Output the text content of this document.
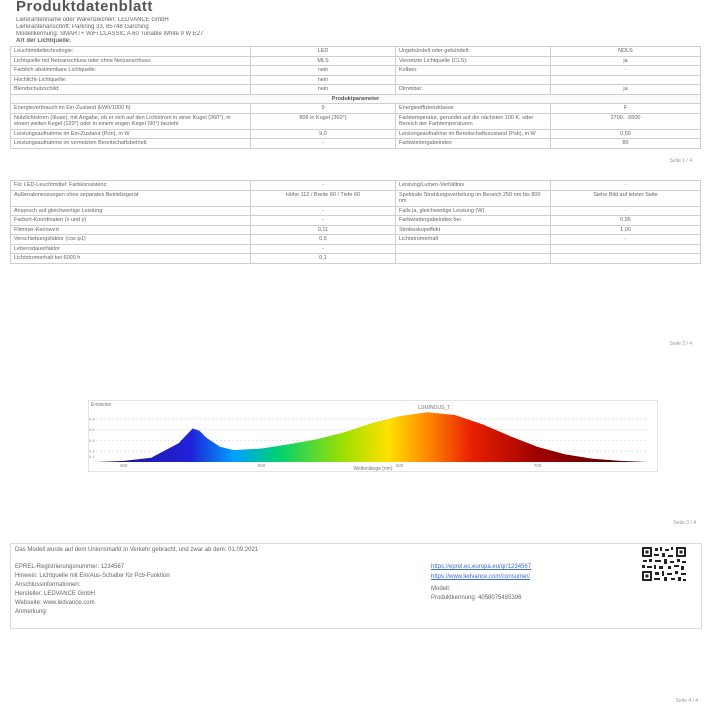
Produktdatenblatt
Lieferantenname oder Warenzeichen: LEDVANCE GmbH
Lieferantenanschrift: Parkring 33, 85748 Garching
Modellkennung: SMART+ WiFi CLASSIC A 60 Tunable White 9 W E27
Art der Lichtquelle:
Leuchtmitteltechnologie:	LED	Ungebündelt oder gebündelt:	NDLS
Lichtquelle mit Netzanschluss oder ohne Netzanschluss:	MLS	Vernetzte Lichtquelle (CLS):	ja
Farblich abstimmbare Lichtquelle:	nein	Kolben:	-
Hochlicht-Lichtquelle:	nein		
Blendschutzschild:	nein	Dimmbar:	ja
Produktparameter			
Energieverbrauch im Ein-Zustand (kWh/1000 h)	9	Energieeffizienzklasse	F
Nutzlichtstrom (Φuse), mit Angabe, ob er sich auf den Lichtstrom in einer Kugel (360°), in einem weiten Kegel (120°) oder in einem engen Kegel (90°) bezieht	806 in Kugel (360°)	Farbtemperatur, gerundet auf die nächsten 100 K, oder Bereich der Farbtemperaturen	2700…6500
Leistungsaufnahme im Ein-Zustand (Pon), in W	9,0	Leistungsaufnahme im Bereitschaftszustand (Psb), in W	0,50
Leistungsaufnahme im vernetzten Bereitschaftsbetrieb	-	Farbwiedergabeindex	80
Seite 1 / 4
Für LED-Leuchtmittel: Farbkonsistenz	-	Leistung/Lumen-Verhältnis	-
Außenabmessungen ohne separates Betriebsgerät	Höhe 112 / Breite 60 / Tiefe 60	Spektrale Strahlungsverteilung im Bereich 250 nm bis 800 nm	Siehe Bild auf letzter Seite
Anspruch auf gleichwertige Leistung	-	Falls ja, gleichwertige Leistung (W)	-
Farbort-Koordinaten (x und y)	-	Farbwiedergabeindex bei	0,95
Flimmer-Kennwert	0,11	Stroboskopeffekt	1,00
Verschiebungsfaktor (cos φ1)	0,5	Lichtstromerhalt	-
Lebensdauerfaktor	-		
Lichtstromerhalt bei 6000 h	0,1		
Seite 2 / 4
400	500	600	700
0.1
0.2
0.4
0.6
0.8
LUMINOUS_T
Wellenlänge (nm)
Emission
Seite 3 / 4
Das Modell wurde auf dem Unionsmarkt in Verkehr gebracht, und zwar ab dem: 01.09.2021
EPREL-Registrierungsnummer: 1234567
Hinweis: Lichtquelle mit Ein/Aus-Schalter für Pcb-Funktion
Anschlussinformationen:
Hersteller: LEDVANCE GmbH
Webseite: www.ledvance.com
Anmerkung:
https://eprel.ec.europa.eu/qr/1234567
https://www.ledvance.com/consumer/
Modell:
Produktkennung: 4058075485396
Seite 4 / 4
